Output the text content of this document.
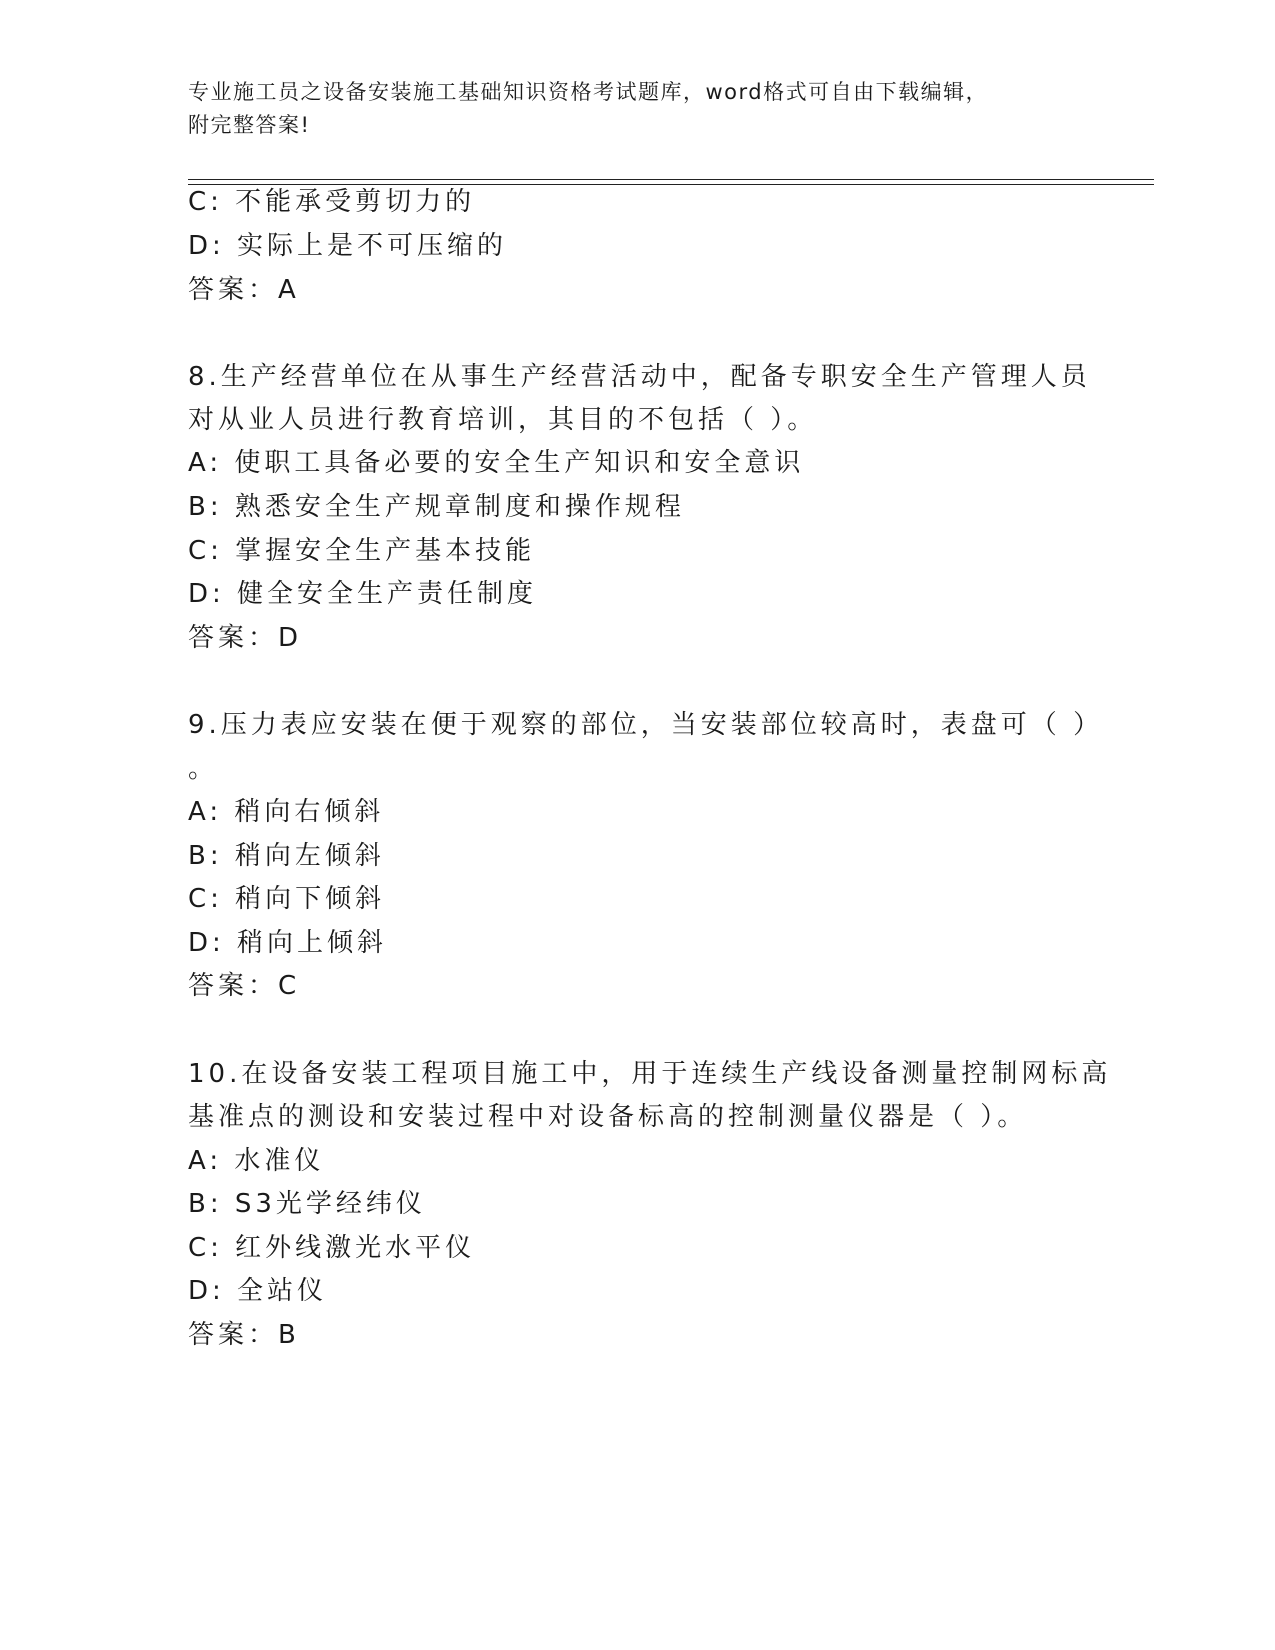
专业施工员之设备安装施工基础知识资格考试题库，word格式可自由下载编辑，
附完整答案!
C: 不能承受剪切力的
D: 实际上是不可压缩的
答案：A
8.生产经营单位在从事生产经营活动中，配备专职安全生产管理人员
对从业人员进行教育培训，其目的不包括（ ）。
A: 使职工具备必要的安全生产知识和安全意识
B: 熟悉安全生产规章制度和操作规程
C: 掌握安全生产基本技能
D: 健全安全生产责任制度
答案：D
9.压力表应安装在便于观察的部位，当安装部位较高时，表盘可（ ）
。
A: 稍向右倾斜
B: 稍向左倾斜
C: 稍向下倾斜
D: 稍向上倾斜
答案：C
10.在设备安装工程项目施工中，用于连续生产线设备测量控制网标高
基准点的测设和安装过程中对设备标高的控制测量仪器是（ ）。
A: 水准仪
B: S3光学经纬仪
C: 红外线激光水平仪
D: 全站仪
答案：B
